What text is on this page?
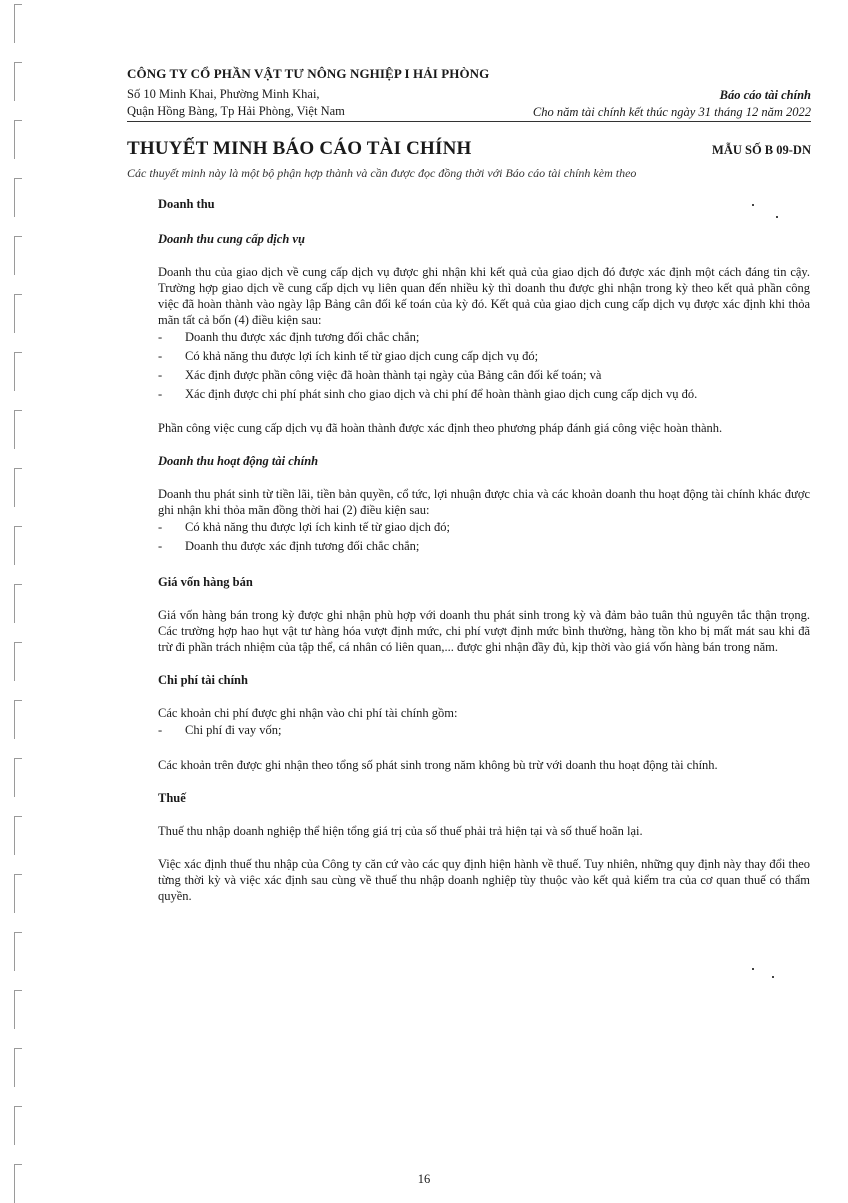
CÔNG TY CỔ PHẦN VẬT TƯ NÔNG NGHIỆP I HẢI PHÒNG
Số 10 Minh Khai, Phường Minh Khai,	Báo cáo tài chính
Quận Hồng Bàng, Tp Hải Phòng, Việt Nam	Cho năm tài chính kết thúc ngày 31 tháng 12 năm 2022
THUYẾT MINH BÁO CÁO TÀI CHÍNH	MẪU SỐ B 09-DN
Các thuyết minh này là một bộ phận hợp thành và cần được đọc đồng thời với Báo cáo tài chính kèm theo
Doanh thu
Doanh thu cung cấp dịch vụ

Doanh thu của giao dịch về cung cấp dịch vụ được ghi nhận khi kết quả của giao dịch đó được xác định một cách đáng tin cậy. Trường hợp giao dịch về cung cấp dịch vụ liên quan đến nhiều kỳ thì doanh thu được ghi nhận trong kỳ theo kết quả phần công việc đã hoàn thành vào ngày lập Bảng cân đối kế toán của kỳ đó. Kết quả của giao dịch cung cấp dịch vụ được xác định khi thỏa mãn tất cả bốn (4) điều kiện sau:

- Doanh thu được xác định tương đối chắc chắn;
- Có khả năng thu được lợi ích kinh tế từ giao dịch cung cấp dịch vụ đó;
- Xác định được phần công việc đã hoàn thành tại ngày của Bảng cân đối kế toán; và
- Xác định được chi phí phát sinh cho giao dịch và chi phí để hoàn thành giao dịch cung cấp dịch vụ đó.

Phần công việc cung cấp dịch vụ đã hoàn thành được xác định theo phương pháp đánh giá công việc hoàn thành.

Doanh thu hoạt động tài chính

Doanh thu phát sinh từ tiền lãi, tiền bản quyền, cổ tức, lợi nhuận được chia và các khoản doanh thu hoạt động tài chính khác được ghi nhận khi thỏa mãn đồng thời hai (2) điều kiện sau:

- Có khả năng thu được lợi ích kinh tế từ giao dịch đó;
- Doanh thu được xác định tương đối chắc chắn;
Giá vốn hàng bán

Giá vốn hàng bán trong kỳ được ghi nhận phù hợp với doanh thu phát sinh trong kỳ và đảm bảo tuân thủ nguyên tắc thận trọng. Các trường hợp hao hụt vật tư hàng hóa vượt định mức, chi phí vượt định mức bình thường, hàng tồn kho bị mất mát sau khi đã trừ đi phần trách nhiệm của tập thể, cá nhân có liên quan,... được ghi nhận đầy đủ, kịp thời vào giá vốn hàng bán trong năm.

Chi phí tài chính

Các khoản chi phí được ghi nhận vào chi phí tài chính gồm:

- Chi phí đi vay vốn;

Các khoản trên được ghi nhận theo tổng số phát sinh trong năm không bù trừ với doanh thu hoạt động tài chính.

Thuế

Thuế thu nhập doanh nghiệp thể hiện tổng giá trị của số thuế phải trả hiện tại và số thuế hoãn lại.

Việc xác định thuế thu nhập của Công ty căn cứ vào các quy định hiện hành về thuế. Tuy nhiên, những quy định này thay đổi theo từng thời kỳ và việc xác định sau cùng về thuế thu nhập doanh nghiệp tùy thuộc vào kết quả kiểm tra của cơ quan thuế có thẩm quyền.

16
